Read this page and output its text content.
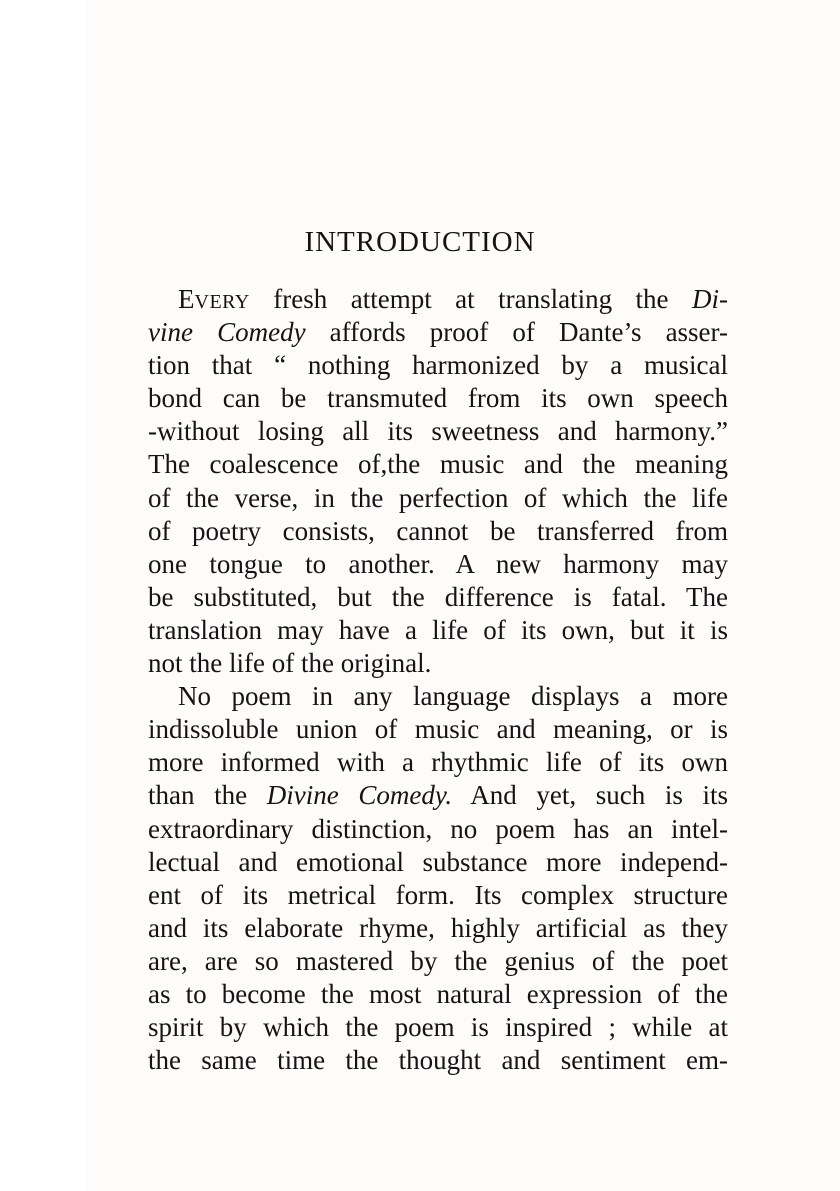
INTRODUCTION
EVERY fresh attempt at translating the Di-
vine Comedy affords proof of Dante’s asser-
tion that “ nothing harmonized by a musical
bond can be transmuted from its own speech
-without losing all its sweetness and harmony.”
The coalescence of,the music and the meaning
of the verse, in the perfection of which the life
of poetry consists, cannot be transferred from
one tongue to another. A new harmony may
be substituted, but the difference is fatal. The
translation may have a life of its own, but it is
not the life of the original.
No poem in any language displays a more
indissoluble union of music and meaning, or is
more informed with a rhythmic life of its own
than the Divine Comedy. And yet, such is its
extraordinary distinction, no poem has an intel-
lectual and emotional substance more independ-
ent of its metrical form. Its complex structure
and its elaborate rhyme, highly artificial as they
are, are so mastered by the genius of the poet
as to become the most natural expression of the
spirit by which the poem is inspired ; while at
the same time the thought and sentiment em-
